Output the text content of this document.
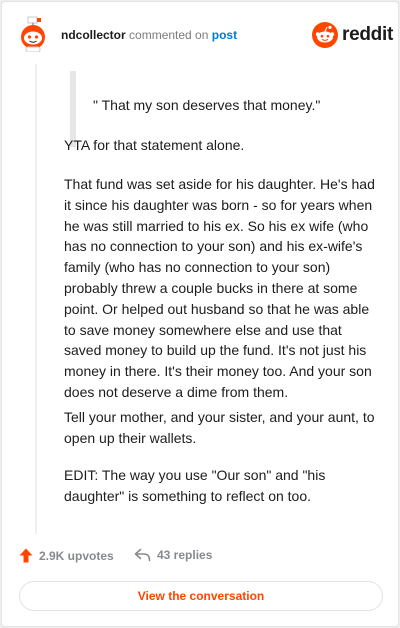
ndcollector commented on post	reddit
" That my son deserves that money."

YTA for that statement alone.

That fund was set aside for his daughter. He's had it since his daughter was born - so for years when he was still married to his ex. So his ex wife (who has no connection to your son) and his ex-wife's family (who has no connection to your son) probably threw a couple bucks in there at some point. Or helped out husband so that he was able to save money somewhere else and use that saved money to build up the fund. It's not just his money in there. It's their money too. And your son does not deserve a dime from them.

Tell your mother, and your sister, and your aunt, to open up their wallets.

EDIT: The way you use "Our son" and "his daughter" is something to reflect on too.

2.9K upvotes	43 replies
View the conversation
